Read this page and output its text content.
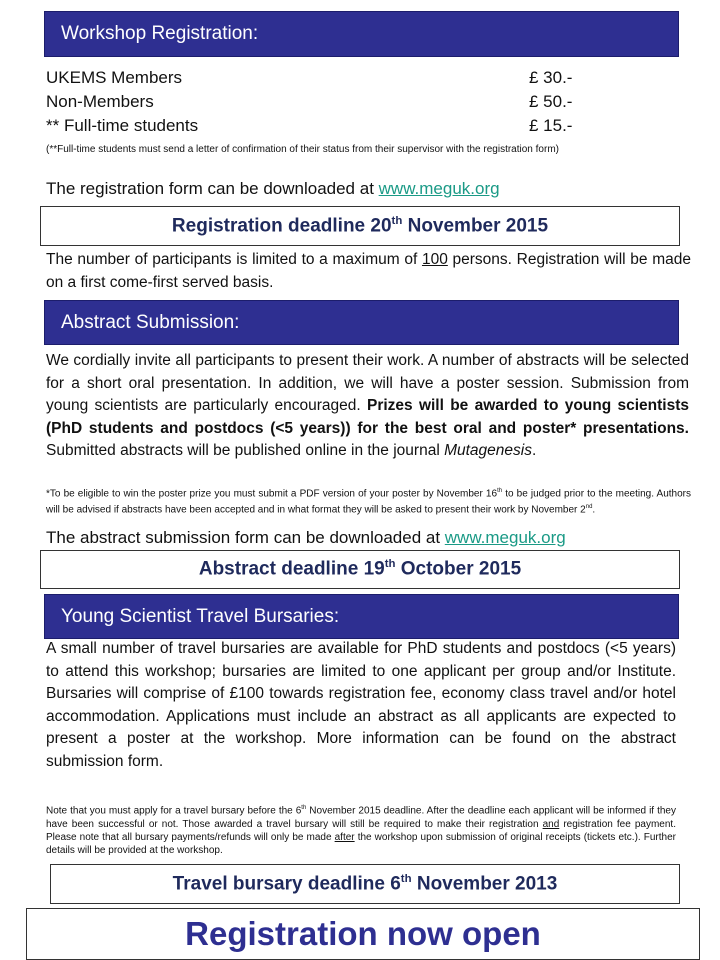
Workshop Registration:
UKEMS Members	£ 30.-
Non-Members	£ 50.-
** Full-time students	£ 15.-

(**Full-time students must send a letter of confirmation of their status from their supervisor with the registration form)

The registration form can be downloaded at www.meguk.org
Registration deadline 20th November 2015

The number of participants is limited to a maximum of 100 persons. Registration will be made on a first come-first served basis.

Abstract Submission:

We cordially invite all participants to present their work. A number of abstracts will be selected for a short oral presentation. In addition, we will have a poster session. Submission from young scientists are particularly encouraged. Prizes will be awarded to young scientists (PhD students and postdocs (<5 years)) for the best oral and poster* presentations. Submitted abstracts will be published online in the journal Mutagenesis.

*To be eligible to win the poster prize you must submit a PDF version of your poster by November 16th to be judged prior to the meeting. Authors will be advised if abstracts have been accepted and in what format they will be asked to present their work by November 2nd.

The abstract submission form can be downloaded at www.meguk.org
Abstract deadline 19th October 2015
Young Scientist Travel Bursaries:

A small number of travel bursaries are available for PhD students and postdocs (<5 years) to attend this workshop; bursaries are limited to one applicant per group and/or Institute. Bursaries will comprise of £100 towards registration fee, economy class travel and/or hotel accommodation. Applications must include an abstract as all applicants are expected to present a poster at the workshop. More information can be found on the abstract submission form.

Note that you must apply for a travel bursary before the 6th November 2015 deadline. After the deadline each applicant will be informed if they have been successful or not. Those awarded a travel bursary will still be required to make their registration and registration fee payment. Please note that all bursary payments/refunds will only be made after the workshop upon submission of original receipts (tickets etc.). Further details will be provided at the workshop.

Travel bursary deadline 6th November 2013
Registration now open
